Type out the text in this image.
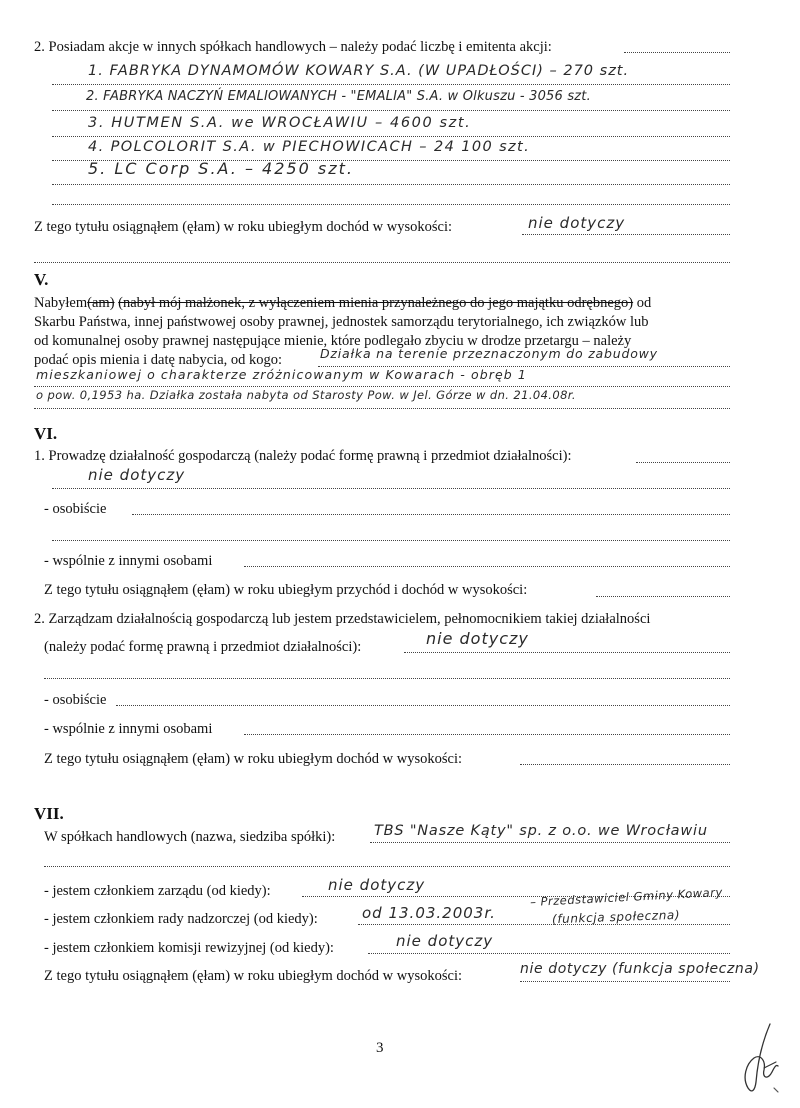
2. Posiadam akcje w innych spółkach handlowych – należy podać liczbę i emitenta akcji:
1. FABRYKA DYNAMOMÓW KOWARY S.A. (W UPADŁOŚCI) – 270 szt.
2. FABRYKA NACZYŃ EMALIOWANYCH - "EMALIA" S.A. w Olkuszu - 3056 szt.
3. HUTMEN S.A. we WROCŁAWIU – 4600 szt.
4. POLCOLORIT S.A. w PIECHOWICACH – 24 100 szt.
5. LC Corp S.A. – 4250 szt.
Z tego tytułu osiągnąłem (ęłam) w roku ubiegłym dochód w wysokości:	nie dotyczy
V.
Nabyłem(am) (nabył mój małżonek, z wyłączeniem mienia przynależnego do jego majątku odrębnego) od
Skarbu Państwa, innej państwowej osoby prawnej, jednostek samorządu terytorialnego, ich związków lub
od komunalnej osoby prawnej następujące mienie, które podlegało zbyciu w drodze przetargu – należy
podać opis mienia i datę nabycia, od kogo:	Działka na terenie przeznaczonym do zabudowy
mieszkaniowej o charakterze zróżnicowanym w Kowarach - obręb 1
o pow. 0,1953 ha. Działka została nabyta od Starosty Pow. w Jel. Górze w dn. 21.04.08r.
VI.
1. Prowadzę działalność gospodarczą (należy podać formę prawną i przedmiot działalności):
nie dotyczy
- osobiście
- wspólnie z innymi osobami
Z tego tytułu osiągnąłem (ęłam) w roku ubiegłym przychód i dochód w wysokości:
2. Zarządzam działalnością gospodarczą lub jestem przedstawicielem, pełnomocnikiem takiej działalności
(należy podać formę prawną i przedmiot działalności):	nie dotyczy
- osobiście
- wspólnie z innymi osobami
Z tego tytułu osiągnąłem (ęłam) w roku ubiegłym dochód w wysokości:
VII.
W spółkach handlowych (nazwa, siedziba spółki):	TBS "Nasze Kąty" sp. z o.o. we Wrocławiu
- jestem członkiem zarządu (od kiedy):	nie dotyczy
- jestem członkiem rady nadzorczej (od kiedy):	od 13.03.2003r.
– Przedstawiciel Gminy Kowary
(funkcja społeczna)
- jestem członkiem komisji rewizyjnej (od kiedy):	nie dotyczy
Z tego tytułu osiągnąłem (ęłam) w roku ubiegłym dochód w wysokości:	nie dotyczy (funkcja społeczna)
3
